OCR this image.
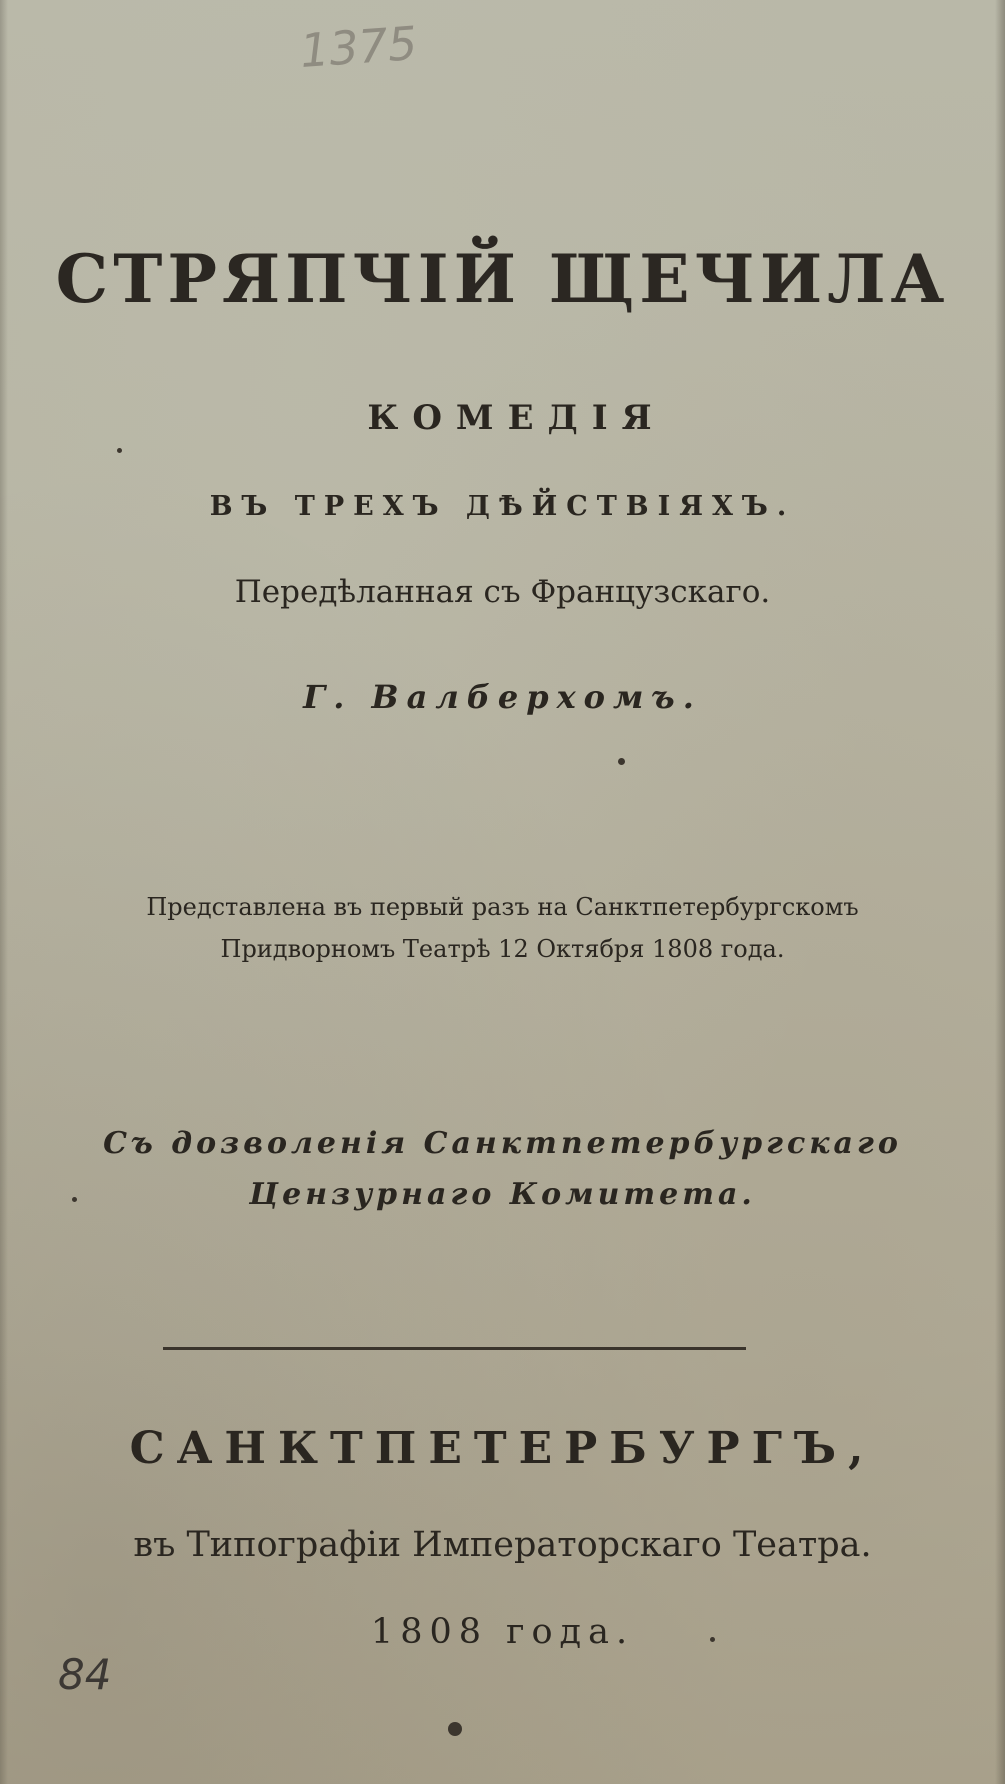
1375
СТРЯПЧІЙ ЩЕЧИЛА
КОМЕДІЯ
ВЪ ТРЕХЪ ДѢЙСТВІЯХЪ.
Передѣланная съ Французскаго.
Г. Валберхомъ.
Представлена въ первый разъ на Санктпетербургскомъ
Придворномъ Театрѣ 12 Октября 1808 года.
Съ дозволенія Санктпетербургскаго
Цензурнаго Комитета.
САНКТПЕТЕРБУРГЪ,
въ Типографіи Императорскаго Театра.
1808 года.
84
